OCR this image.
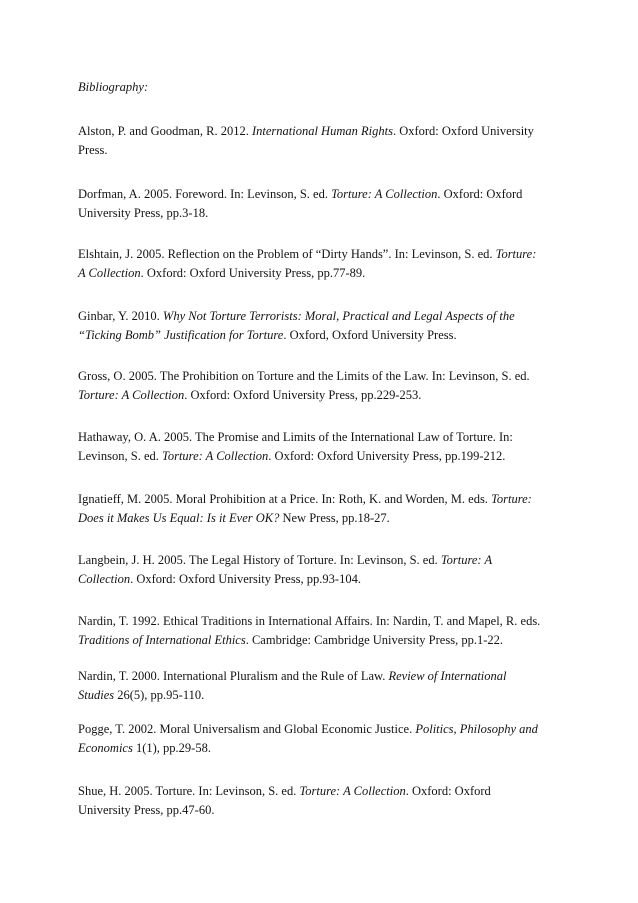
Bibliography:
Alston, P. and Goodman, R. 2012. International Human Rights. Oxford: Oxford University
Press.
Dorfman, A. 2005. Foreword. In: Levinson, S. ed. Torture: A Collection. Oxford: Oxford
University Press, pp.3-18.
Elshtain, J. 2005. Reflection on the Problem of “Dirty Hands”. In: Levinson, S. ed. Torture:
A Collection. Oxford: Oxford University Press, pp.77-89.
Ginbar, Y. 2010. Why Not Torture Terrorists: Moral, Practical and Legal Aspects of the
“Ticking Bomb” Justification for Torture. Oxford, Oxford University Press.
Gross, O. 2005. The Prohibition on Torture and the Limits of the Law. In: Levinson, S. ed.
Torture: A Collection. Oxford: Oxford University Press, pp.229-253.
Hathaway, O. A. 2005. The Promise and Limits of the International Law of Torture. In:
Levinson, S. ed. Torture: A Collection. Oxford: Oxford University Press, pp.199-212.
Ignatieff, M. 2005. Moral Prohibition at a Price. In: Roth, K. and Worden, M. eds. Torture:
Does it Makes Us Equal: Is it Ever OK? New Press, pp.18-27.
Langbein, J. H. 2005. The Legal History of Torture. In: Levinson, S. ed. Torture: A
Collection. Oxford: Oxford University Press, pp.93-104.
Nardin, T. 1992. Ethical Traditions in International Affairs. In: Nardin, T. and Mapel, R. eds.
Traditions of International Ethics. Cambridge: Cambridge University Press, pp.1-22.
Nardin, T. 2000. International Pluralism and the Rule of Law. Review of International
Studies 26(5), pp.95-110.
Pogge, T. 2002. Moral Universalism and Global Economic Justice. Politics, Philosophy and
Economics 1(1), pp.29-58.
Shue, H. 2005. Torture. In: Levinson, S. ed. Torture: A Collection. Oxford: Oxford
University Press, pp.47-60.
